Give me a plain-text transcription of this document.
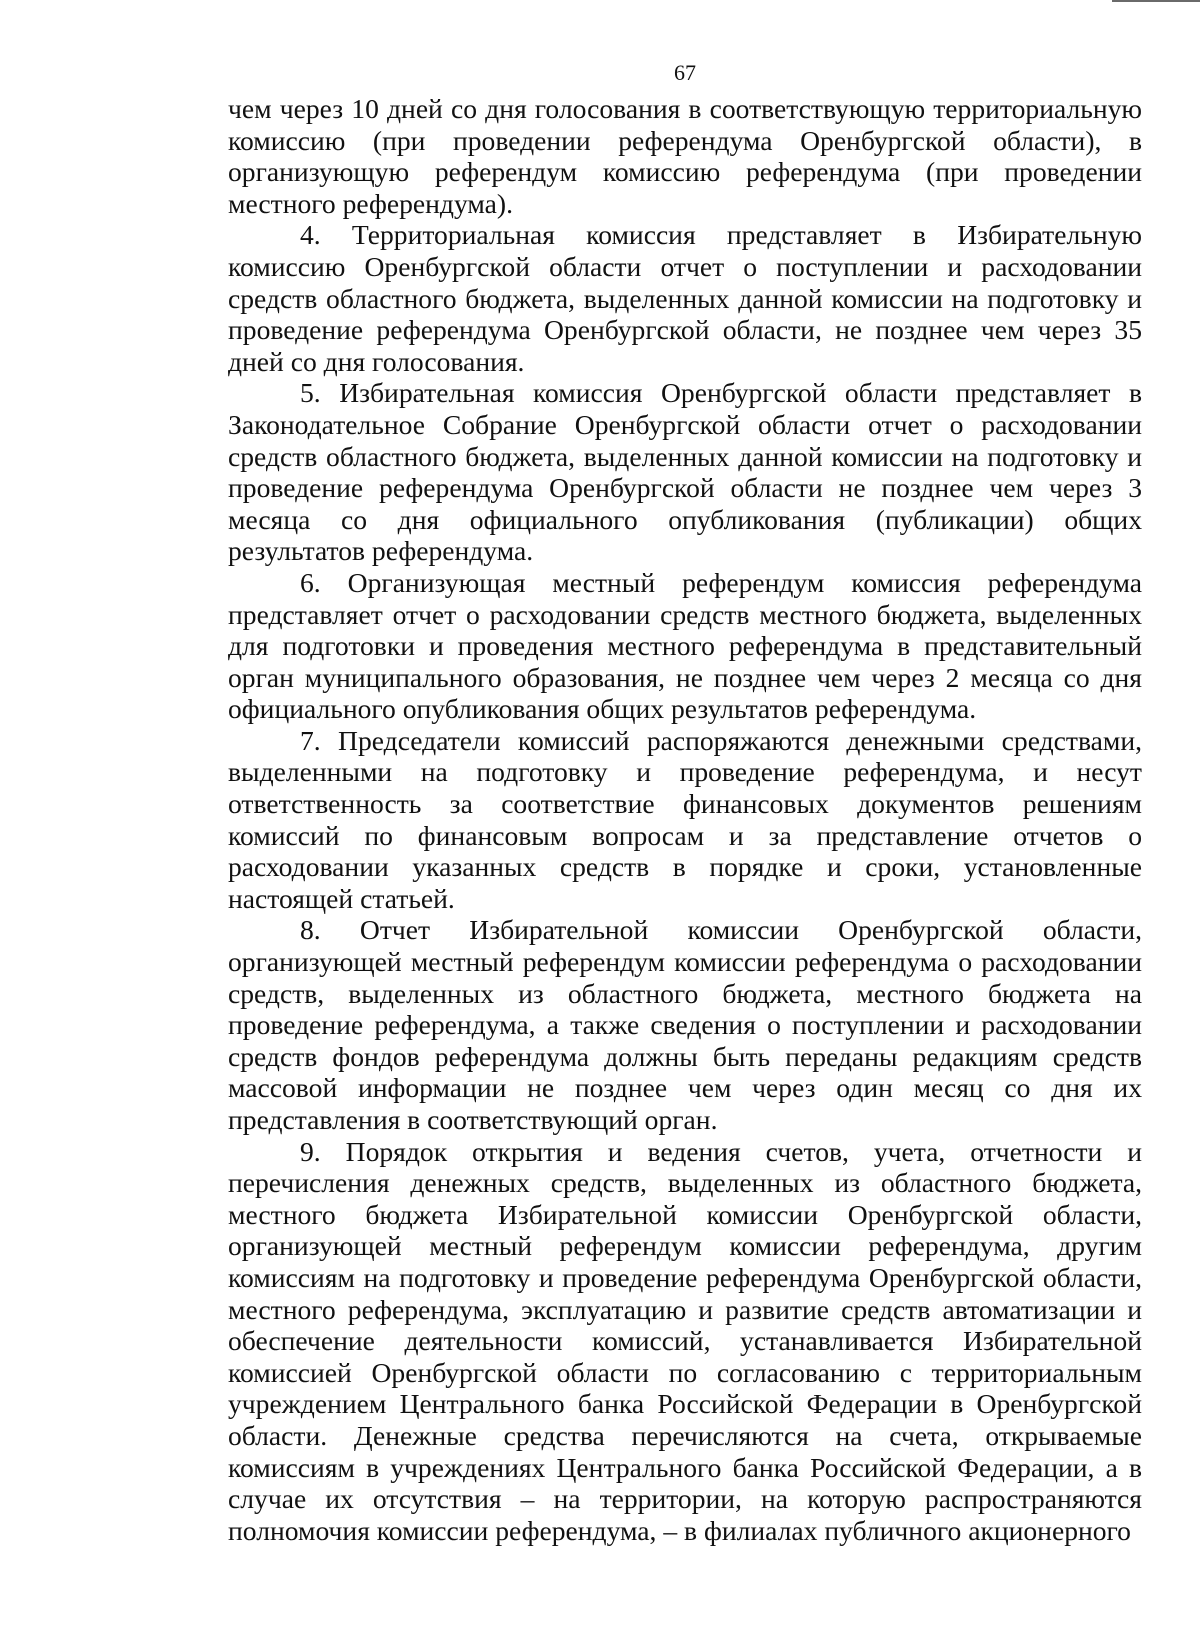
67

чем через 10 дней со дня голосования в соответствующую территориальную комиссию (при проведении референдума Оренбургской области), в организующую референдум комиссию референдума (при проведении местного референдума).

4. Территориальная комиссия представляет в Избирательную комиссию Оренбургской области отчет о поступлении и расходовании средств областного бюджета, выделенных данной комиссии на подготовку и проведение референдума Оренбургской области, не позднее чем через 35 дней со дня голосования.

5. Избирательная комиссия Оренбургской области представляет в Законодательное Собрание Оренбургской области отчет о расходовании средств областного бюджета, выделенных данной комиссии на подготовку и проведение референдума Оренбургской области не позднее чем через 3 месяца со дня официального опубликования (публикации) общих результатов референдума.

6. Организующая местный референдум комиссия референдума представляет отчет о расходовании средств местного бюджета, выделенных для подготовки и проведения местного референдума в представительный орган муниципального образования, не позднее чем через 2 месяца со дня официального опубликования общих результатов референдума.

7. Председатели комиссий распоряжаются денежными средствами, выделенными на подготовку и проведение референдума, и несут ответственность за соответствие финансовых документов решениям комиссий по финансовым вопросам и за представление отчетов о расходовании указанных средств в порядке и сроки, установленные настоящей статьей.

8. Отчет Избирательной комиссии Оренбургской области, организующей местный референдум комиссии референдума о расходовании средств, выделенных из областного бюджета, местного бюджета на проведение референдума, а также сведения о поступлении и расходовании средств фондов референдума должны быть переданы редакциям средств массовой информации не позднее чем через один месяц со дня их представления в соответствующий орган.

9. Порядок открытия и ведения счетов, учета, отчетности и перечисления денежных средств, выделенных из областного бюджета, местного бюджета Избирательной комиссии Оренбургской области, организующей местный референдум комиссии референдума, другим комиссиям на подготовку и проведение референдума Оренбургской области, местного референдума, эксплуатацию и развитие средств автоматизации и обеспечение деятельности комиссий, устанавливается Избирательной комиссией Оренбургской области по согласованию с территориальным учреждением Центрального банка Российской Федерации в Оренбургской области. Денежные средства перечисляются на счета, открываемые комиссиям в учреждениях Центрального банка Российской Федерации, а в случае их отсутствия – на территории, на которую распространяются полномочия комиссии референдума, – в филиалах публичного акционерного
